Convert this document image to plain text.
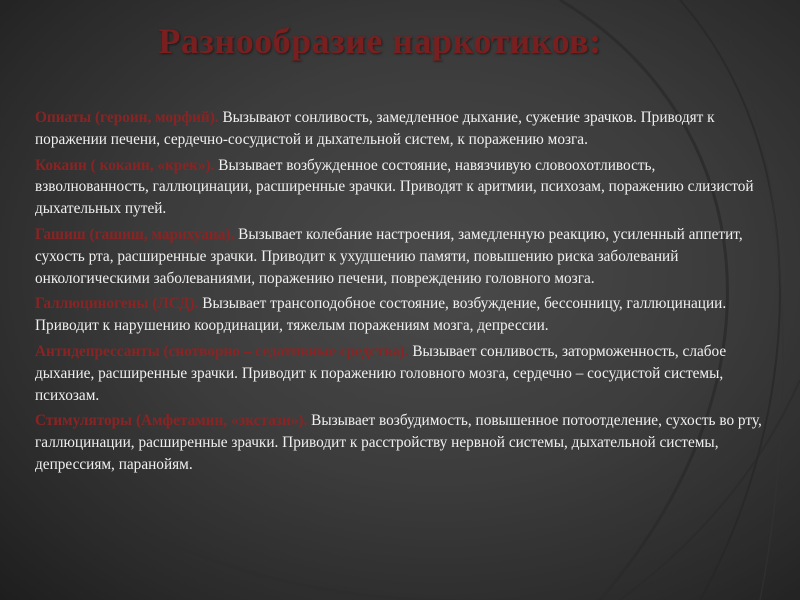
Разнообразие наркотиков:

Опиаты (героин, морфий). Вызывают сонливость, замедленное дыхание, сужение зрачков. Приводят к поражении печени, сердечно-сосудистой и дыхательной систем, к поражению мозга.

Кокаин ( кокаин, «крек»). Вызывает возбужденное состояние, навязчивую словоохотливость, взволнованность, галлюцинации, расширенные зрачки. Приводят к аритмии, психозам, поражению слизистой дыхательных путей.

Гашиш (гашиш, марихуана). Вызывает колебание настроения, замедленную реакцию, усиленный аппетит, сухость рта, расширенные зрачки. Приводит к ухудшению памяти, повышению риска заболеваний онкологическими заболеваниями, поражению печени, повреждению головного мозга.

Галлюциногены (ЛСД). Вызывает трансоподобное состояние, возбуждение, бессонницу, галлюцинации. Приводит к нарушению координации, тяжелым поражениям мозга, депрессии.

Антидепрессанты (снотворно – седативные средства). Вызывает сонливость, заторможенность, слабое дыхание, расширенные зрачки. Приводит к поражению головного мозга, сердечно – сосудистой системы, психозам.

Стимуляторы (Амфетамин, «экстази»). Вызывает возбудимость, повышенное потоотделение, сухость во рту, галлюцинации, расширенные зрачки. Приводит к расстройству нервной системы, дыхательной системы, депрессиям, паранойям.
